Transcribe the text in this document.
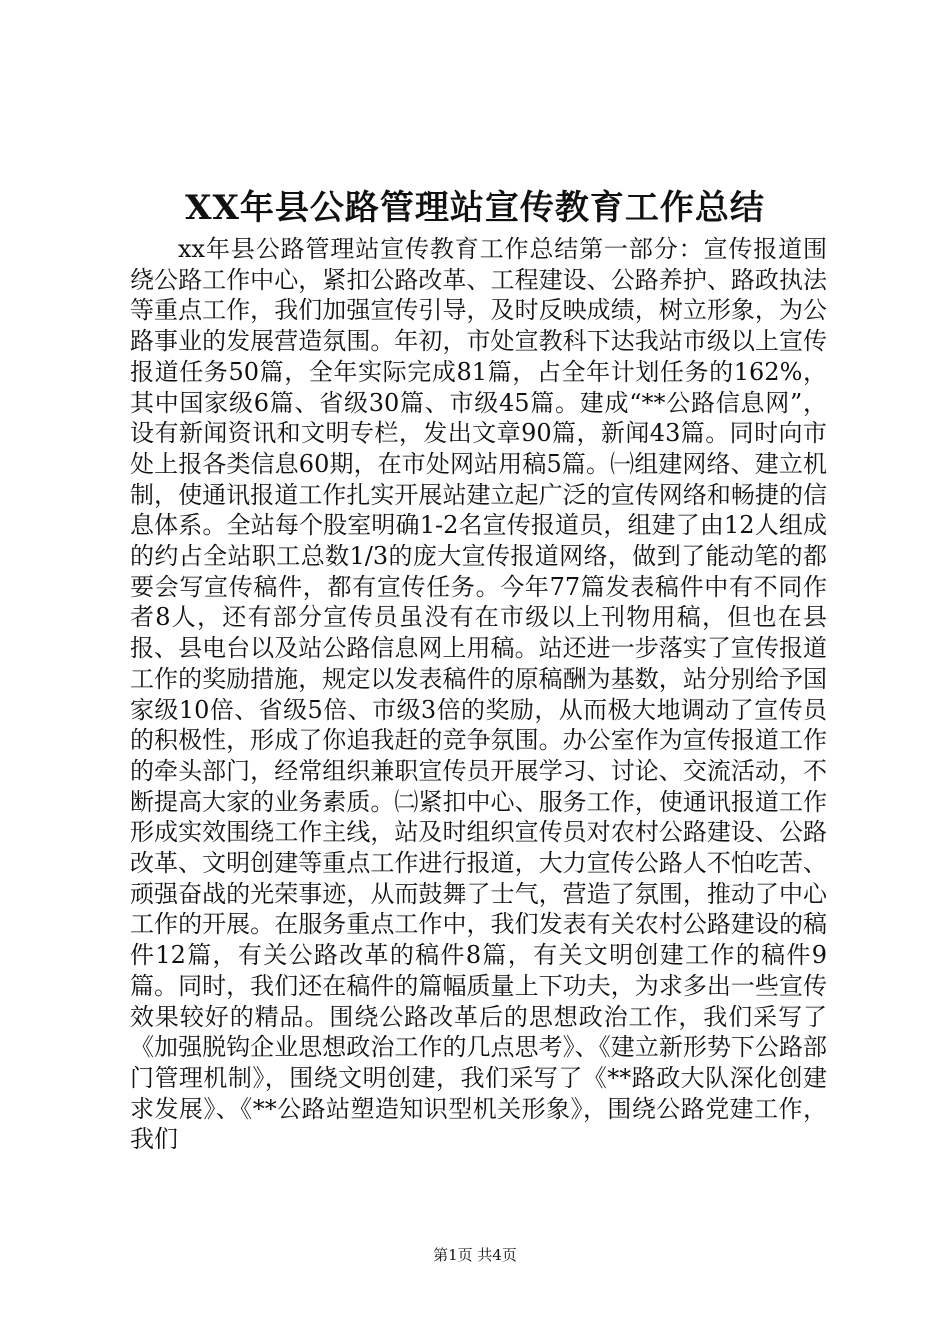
XX年县公路管理站宣传教育工作总结

xx年县公路管理站宣传教育工作总结第一部分：宣传报道围绕公路工作中心，紧扣公路改革、工程建设、公路养护、路政执法等重点工作，我们加强宣传引导，及时反映成绩，树立形象，为公路事业的发展营造氛围。年初，市处宣教科下达我站市级以上宣传报道任务50篇，全年实际完成81篇，占全年计划任务的162%，其中国家级6篇、省级30篇、市级45篇。建成“**公路信息网”，设有新闻资讯和文明专栏，发出文章90篇，新闻43篇。同时向市处上报各类信息60期，在市处网站用稿5篇。㈠组建网络、建立机制，使通讯报道工作扎实开展站建立起广泛的宣传网络和畅捷的信息体系。全站每个股室明确1-2名宣传报道员，组建了由12人组成的约占全站职工总数1/3的庞大宣传报道网络，做到了能动笔的都要会写宣传稿件，都有宣传任务。今年77篇发表稿件中有不同作者8人，还有部分宣传员虽没有在市级以上刊物用稿，但也在县报、县电台以及站公路信息网上用稿。站还进一步落实了宣传报道工作的奖励措施，规定以发表稿件的原稿酬为基数，站分别给予国家级10倍、省级5倍、市级3倍的奖励，从而极大地调动了宣传员的积极性，形成了你追我赶的竞争氛围。办公室作为宣传报道工作的牵头部门，经常组织兼职宣传员开展学习、讨论、交流活动，不断提高大家的业务素质。㈡紧扣中心、服务工作，使通讯报道工作形成实效围绕工作主线，站及时组织宣传员对农村公路建设、公路改革、文明创建等重点工作进行报道，大力宣传公路人不怕吃苦、顽强奋战的光荣事迹，从而鼓舞了士气，营造了氛围，推动了中心工作的开展。在服务重点工作中，我们发表有关农村公路建设的稿件12篇，有关公路改革的稿件8篇，有关文明创建工作的稿件9篇。同时，我们还在稿件的篇幅质量上下功夫，为求多出一些宣传效果较好的精品。围绕公路改革后的思想政治工作，我们采写了《加强脱钩企业思想政治工作的几点思考》、《建立新形势下公路部门管理机制》，围绕文明创建，我们采写了《**路政大队深化创建求发展》、《**公路站塑造知识型机关形象》，围绕公路党建工作，我们

第1页 共4页
